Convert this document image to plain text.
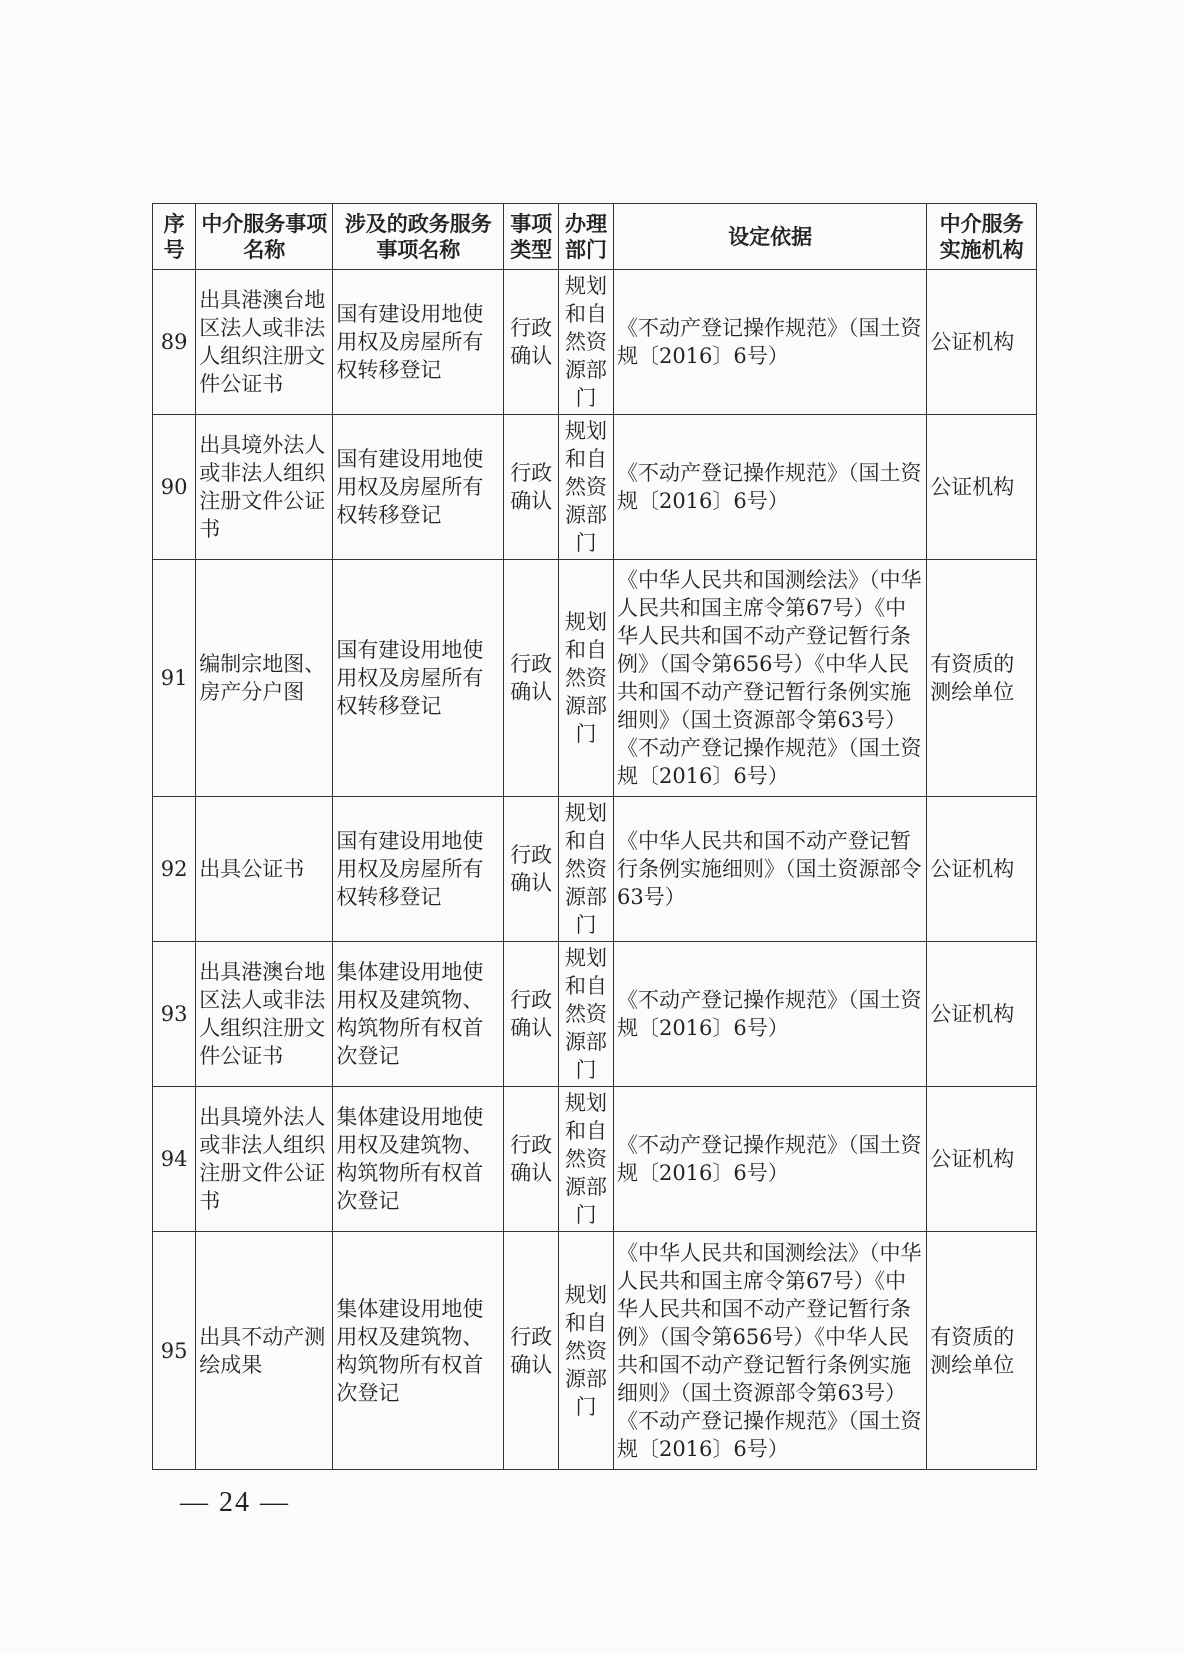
序号	中介服务事项名称	涉及的政务服务事项名称	事项类型	办理部门	设定依据	中介服务实施机构
89	出具港澳台地区法人或非法人组织注册文件公证书	国有建设用地使用权及房屋所有权转移登记	行政确认	规划和自然资源部门	《不动产登记操作规范》（国土资规〔2016〕6号）	公证机构
90	出具境外法人或非法人组织注册文件公证书	国有建设用地使用权及房屋所有权转移登记	行政确认	规划和自然资源部门	《不动产登记操作规范》（国土资规〔2016〕6号）	公证机构
91	编制宗地图、房产分户图	国有建设用地使用权及房屋所有权转移登记	行政确认	规划和自然资源部门	《中华人民共和国测绘法》（中华人民共和国主席令第67号）《中华人民共和国不动产登记暂行条例》（国令第656号）《中华人民共和国不动产登记暂行条例实施细则》（国土资源部令第63号）《不动产登记操作规范》（国土资规〔2016〕6号）	有资质的测绘单位
92	出具公证书	国有建设用地使用权及房屋所有权转移登记	行政确认	规划和自然资源部门	《中华人民共和国不动产登记暂行条例实施细则》（国土资源部令63号）	公证机构
93	出具港澳台地区法人或非法人组织注册文件公证书	集体建设用地使用权及建筑物、构筑物所有权首次登记	行政确认	规划和自然资源部门	《不动产登记操作规范》（国土资规〔2016〕6号）	公证机构
94	出具境外法人或非法人组织注册文件公证书	集体建设用地使用权及建筑物、构筑物所有权首次登记	行政确认	规划和自然资源部门	《不动产登记操作规范》（国土资规〔2016〕6号）	公证机构
95	出具不动产测绘成果	集体建设用地使用权及建筑物、构筑物所有权首次登记	行政确认	规划和自然资源部门	《中华人民共和国测绘法》（中华人民共和国主席令第67号）《中华人民共和国不动产登记暂行条例》（国令第656号）《中华人民共和国不动产登记暂行条例实施细则》（国土资源部令第63号）《不动产登记操作规范》（国土资规〔2016〕6号）	有资质的测绘单位
— 24 —
